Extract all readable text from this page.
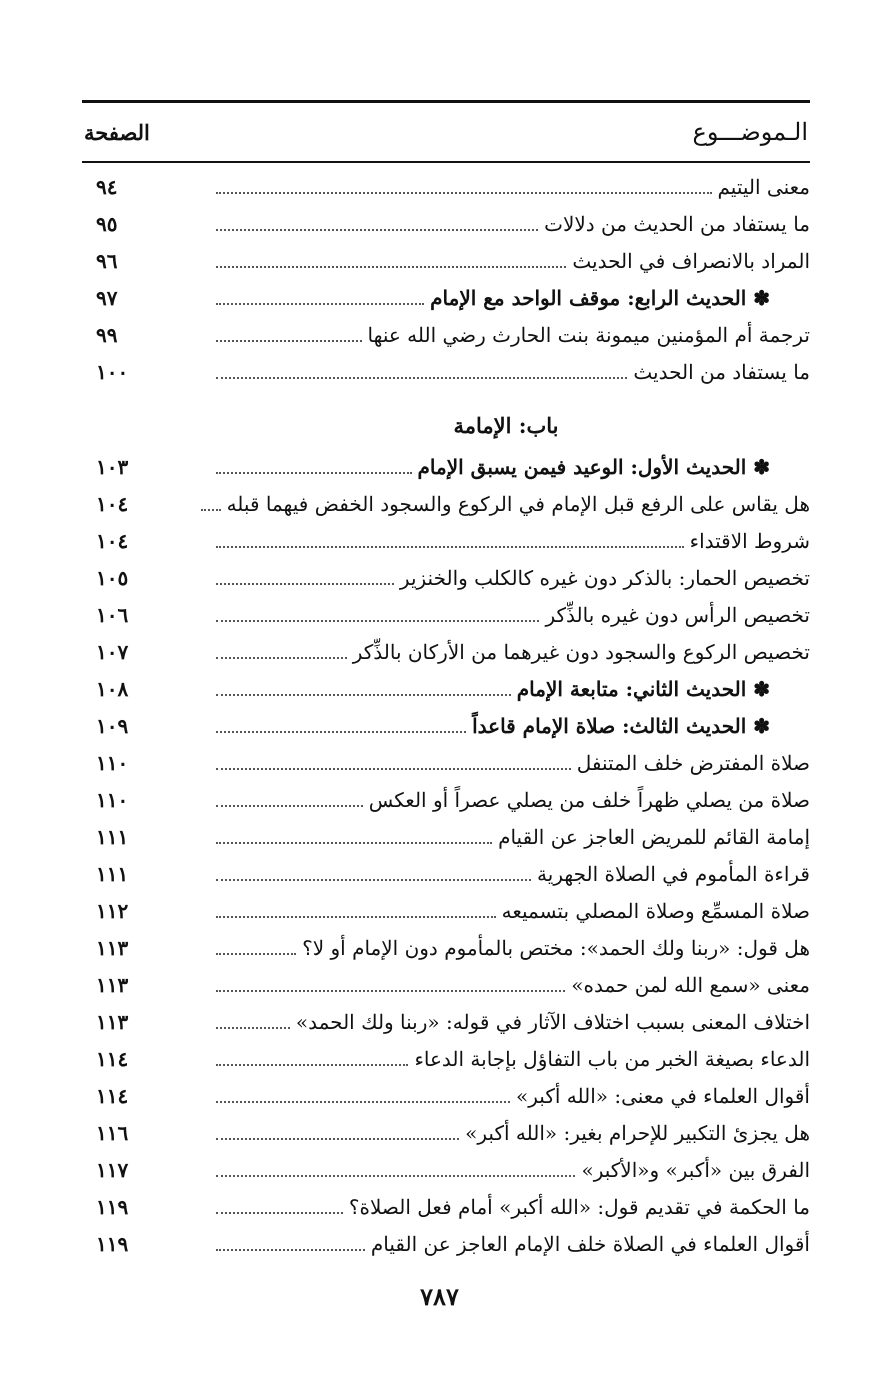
الـموضـــوع
الصفحة
معنى اليتيم
٩٤
ما يستفاد من الحديث من دلالات
٩٥
المراد بالانصراف في الحديث
٩٦
✽ الحديث الرابع: موقف الواحد مع الإمام
٩٧
ترجمة أم المؤمنين ميمونة بنت الحارث رضي الله عنها
٩٩
ما يستفاد من الحديث
١٠٠
باب: الإمامة
✽ الحديث الأول: الوعيد فيمن يسبق الإمام
١٠٣
هل يقاس على الرفع قبل الإمام في الركوع والسجود الخفض فيهما قبله
١٠٤
شروط الاقتداء
١٠٤
تخصيص الحمار: بالذكر دون غيره كالكلب والخنزير
١٠٥
تخصيص الرأس دون غيره بالذِّكر
١٠٦
تخصيص الركوع والسجود دون غيرهما من الأركان بالذِّكر
١٠٧
✽ الحديث الثاني: متابعة الإمام
١٠٨
✽ الحديث الثالث: صلاة الإمام قاعداً
١٠٩
صلاة المفترض خلف المتنفل
١١٠
صلاة من يصلي ظهراً خلف من يصلي عصراً أو العكس
١١٠
إمامة القائم للمريض العاجز عن القيام
١١١
قراءة المأموم في الصلاة الجهرية
١١١
صلاة المسمِّع وصلاة المصلي بتسميعه
١١٢
هل قول: «ربنا ولك الحمد»: مختص بالمأموم دون الإمام أو لا؟
١١٣
معنى «سمع الله لمن حمده»
١١٣
اختلاف المعنى بسبب اختلاف الآثار في قوله: «ربنا ولك الحمد»
١١٣
الدعاء بصيغة الخبر من باب التفاؤل بإجابة الدعاء
١١٤
أقوال العلماء في معنى: «الله أكبر»
١١٤
هل يجزئ التكبير للإحرام بغير: «الله أكبر»
١١٦
الفرق بين «أكبر» و«الأكبر»
١١٧
ما الحكمة في تقديم قول: «الله أكبر» أمام فعل الصلاة؟
١١٩
أقوال العلماء في الصلاة خلف الإمام العاجز عن القيام
١١٩
٧٨٧
